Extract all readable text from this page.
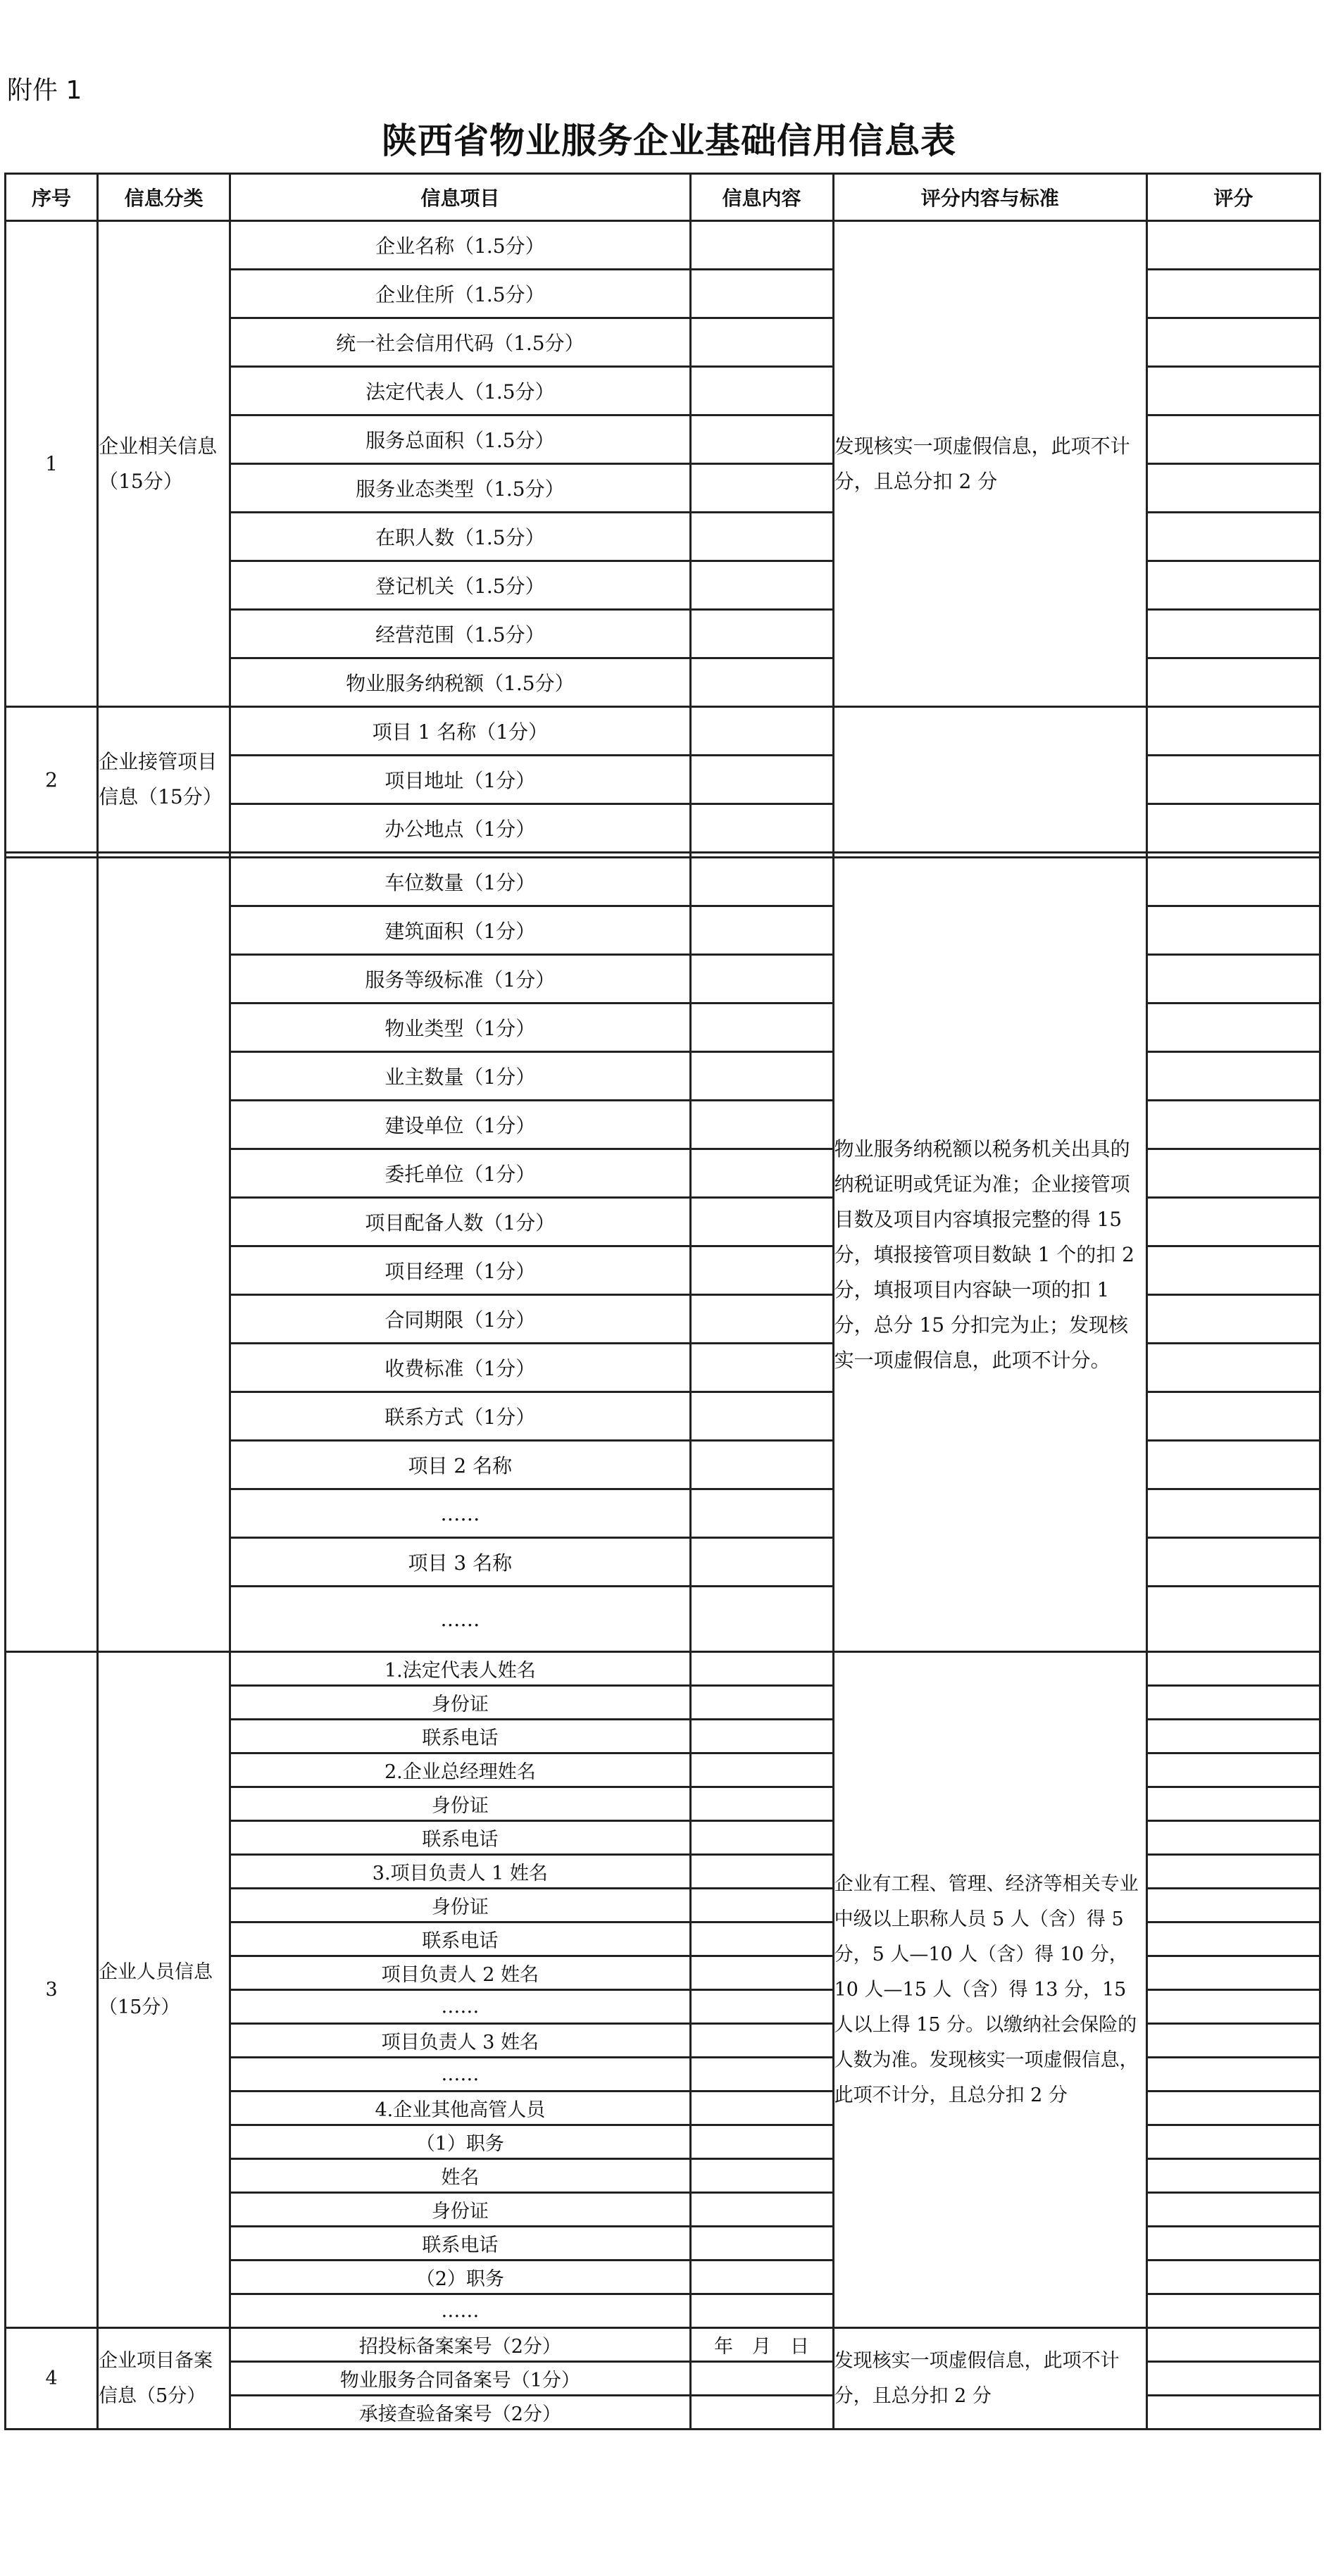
附件 1
陕西省物业服务企业基础信用信息表
序号	信息分类	信息项目	信息内容	评分内容与标准	评分
1	企业相关信息（15分）	企业名称（1.5分）		发现核实一项虚假信息，此项不计分，且总分扣 2 分	
		企业住所（1.5分）			
		统一社会信用代码（1.5分）			
		法定代表人（1.5分）			
		服务总面积（1.5分）			
		服务业态类型（1.5分）			
		在职人数（1.5分）			
		登记机关（1.5分）			
		经营范围（1.5分）			
		物业服务纳税额（1.5分）			
2	企业接管项目信息（15分）	项目 1 名称（1分）			
		项目地址（1分）			
		办公地点（1分）			

		车位数量（1分）		物业服务纳税额以税务机关出具的纳税证明或凭证为准；企业接管项目数及项目内容填报完整的得 15 分，填报接管项目数缺 1 个的扣 2 分，填报项目内容缺一项的扣 1 分，总分 15 分扣完为止；发现核实一项虚假信息，此项不计分。	
		建筑面积（1分）			
		服务等级标准（1分）			
		物业类型（1分）			
		业主数量（1分）			
		建设单位（1分）			
		委托单位（1分）			
		项目配备人数（1分）			
		项目经理（1分）			
		合同期限（1分）			
		收费标准（1分）			
		联系方式（1分）			
		项目 2 名称			
		……			
		项目 3 名称			
		……			
3	企业人员信息（15分）	1.法定代表人姓名		企业有工程、管理、经济等相关专业中级以上职称人员 5 人（含）得 5 分，5 人—10 人（含）得 10 分，10 人—15 人（含）得 13 分，15 人以上得 15 分。以缴纳社会保险的人数为准。发现核实一项虚假信息，此项不计分，且总分扣 2 分	
		身份证			
		联系电话			
		2.企业总经理姓名			
		身份证			
		联系电话			
		3.项目负责人 1 姓名			
		身份证			
		联系电话			
		项目负责人 2 姓名			
		……			
		项目负责人 3 姓名			
		……			
		4.企业其他高管人员			
		（1）职务			
		姓名			
		身份证			
		联系电话			
		（2）职务			
		……			
4	企业项目备案信息（5分）	招投标备案案号（2分）	年　月　日	发现核实一项虚假信息，此项不计分，且总分扣 2 分	
		物业服务合同备案号（1分）			
		承接查验备案号（2分）			
